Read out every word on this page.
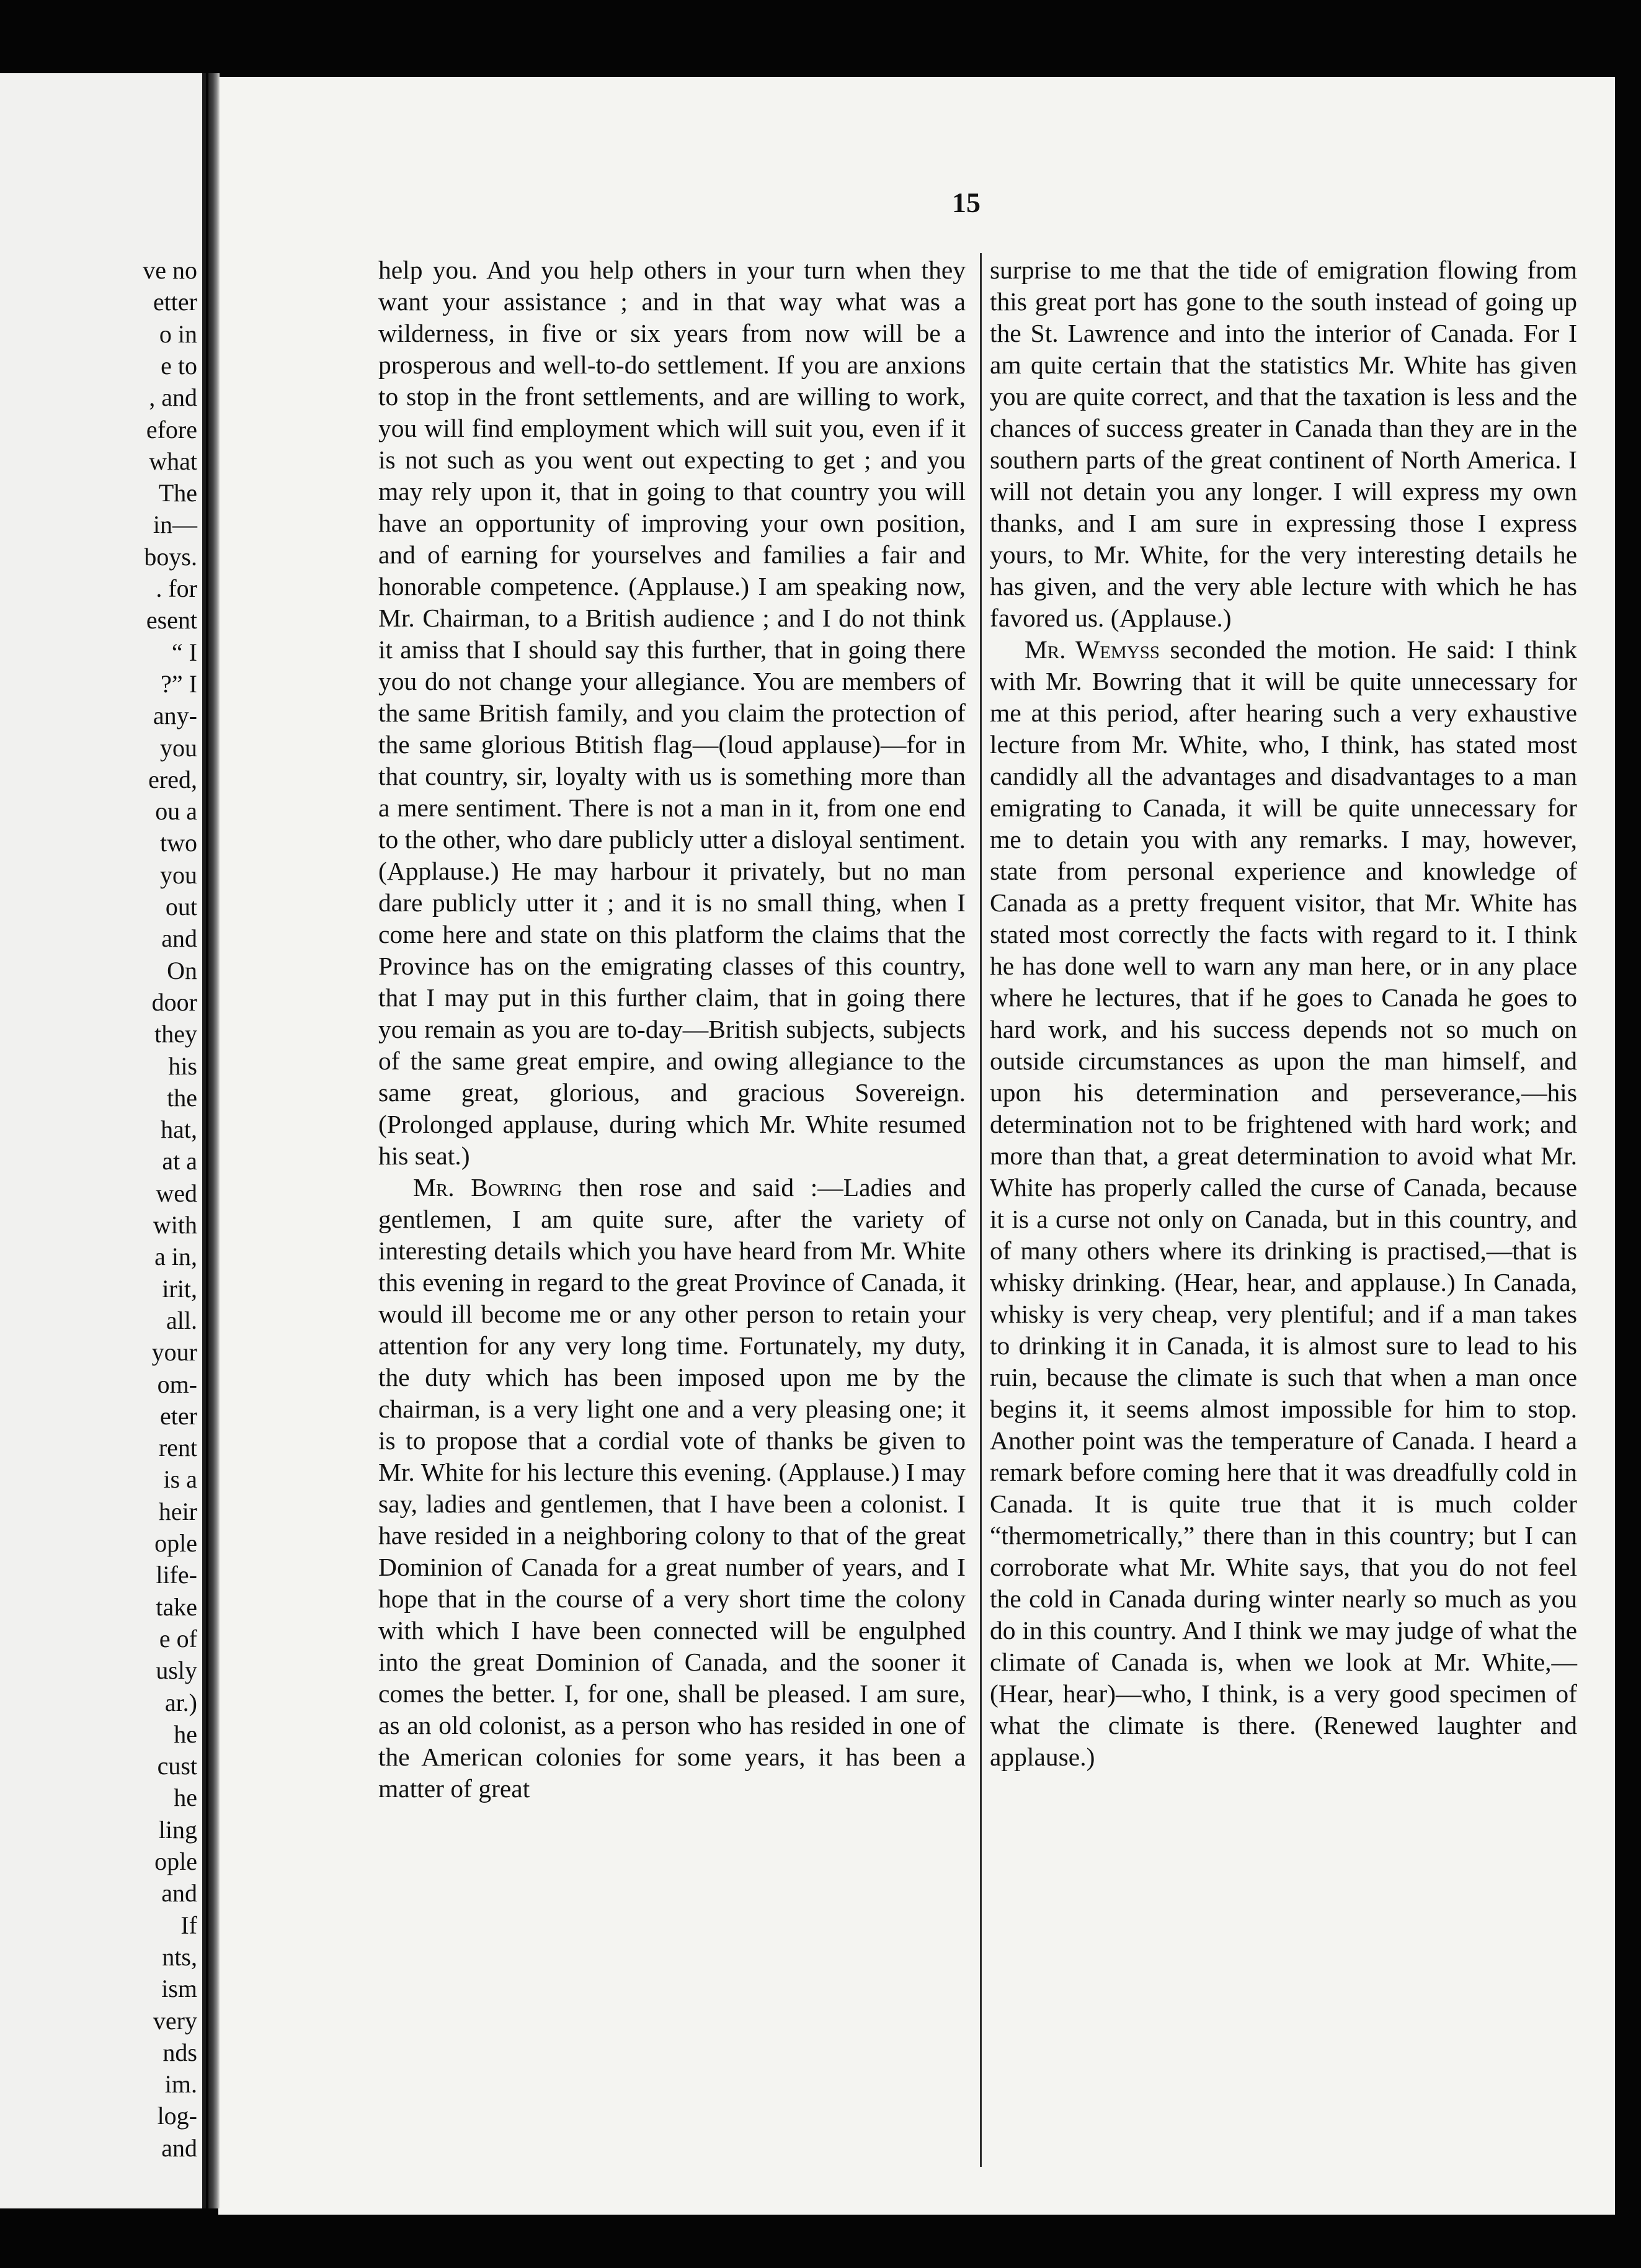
ve no
etter
o in
e to
, and
efore
what
The
in—
boys.
. for
esent
“ I
?” I
any-
you
ered,
ou a
two
you
out
and
On
door
they
his
the
hat,
at a
wed
with
a in,
irit,
all.
your
om-
eter
rent
is a
heir
ople
life-
take
e of
usly
ar.)
he
cust
he
ling
ople
and
If
nts,
ism
very
nds
im.
log-
and
15

help you. And you help others in your turn when they want your assistance ; and in that way what was a wilderness, in five or six years from now will be a prosperous and well-to-do settlement. If you are anxions to stop in the front settlements, and are willing to work, you will find employment which will suit you, even if it is not such as you went out expecting to get ; and you may rely upon it, that in going to that country you will have an opportunity of improving your own position, and of earning for yourselves and families a fair and honorable competence. (Applause.) I am speaking now, Mr. Chairman, to a British audience ; and I do not think it amiss that I should say this further, that in going there you do not change your allegiance. You are members of the same British family, and you claim the protection of the same glorious Btitish flag—(loud applause)—for in that country, sir, loyalty with us is something more than a mere sentiment. There is not a man in it, from one end to the other, who dare publicly utter a disloyal sentiment. (Applause.) He may harbour it privately, but no man dare publicly utter it ; and it is no small thing, when I come here and state on this platform the claims that the Province has on the emigrating classes of this country, that I may put in this further claim, that in going there you remain as you are to-day—British subjects, subjects of the same great empire, and owing allegiance to the same great, glorious, and gracious Sovereign. (Prolonged applause, during which Mr. White resumed his seat.)

Mr. Bowring then rose and said :—Ladies and gentlemen, I am quite sure, after the variety of interesting details which you have heard from Mr. White this evening in regard to the great Province of Canada, it would ill become me or any other person to retain your attention for any very long time. Fortunately, my duty, the duty which has been imposed upon me by the chairman, is a very light one and a very pleasing one; it is to propose that a cordial vote of thanks be given to Mr. White for his lecture this evening. (Applause.) I may say, ladies and gentlemen, that I have been a colonist. I have resided in a neighboring colony to that of the great Dominion of Canada for a great number of years, and I hope that in the course of a very short time the colony with which I have been connected will be engulphed into the great Dominion of Canada, and the sooner it comes the better. I, for one, shall be pleased. I am sure, as an old colonist, as a person who has resided in one of the American colonies for some years, it has been a matter of great

surprise to me that the tide of emigration flowing from this great port has gone to the south instead of going up the St. Lawrence and into the interior of Canada. For I am quite certain that the statistics Mr. White has given you are quite correct, and that the taxation is less and the chances of success greater in Canada than they are in the southern parts of the great continent of North America. I will not detain you any longer. I will express my own thanks, and I am sure in expressing those I express yours, to Mr. White, for the very interesting details he has given, and the very able lecture with which he has favored us. (Applause.)

Mr. Wemyss seconded the motion. He said: I think with Mr. Bowring that it will be quite unnecessary for me at this period, after hearing such a very exhaustive lecture from Mr. White, who, I think, has stated most candidly all the advantages and disadvantages to a man emigrating to Canada, it will be quite unnecessary for me to detain you with any remarks. I may, however, state from personal experience and knowledge of Canada as a pretty frequent visitor, that Mr. White has stated most correctly the facts with regard to it. I think he has done well to warn any man here, or in any place where he lectures, that if he goes to Canada he goes to hard work, and his success depends not so much on outside circumstances as upon the man himself, and upon his determination and perseverance,—his determination not to be frightened with hard work; and more than that, a great determination to avoid what Mr. White has properly called the curse of Canada, because it is a curse not only on Canada, but in this country, and of many others where its drinking is practised,—that is whisky drinking. (Hear, hear, and applause.) In Canada, whisky is very cheap, very plentiful; and if a man takes to drinking it in Canada, it is almost sure to lead to his ruin, because the climate is such that when a man once begins it, it seems almost impossible for him to stop. Another point was the temperature of Canada. I heard a remark before coming here that it was dreadfully cold in Canada. It is quite true that it is much colder “thermometrically,” there than in this country; but I can corroborate what Mr. White says, that you do not feel the cold in Canada during winter nearly so much as you do in this country. And I think we may judge of what the climate of Canada is, when we look at Mr. White,—(Hear, hear)—who, I think, is a very good specimen of what the climate is there. (Renewed laughter and applause.)
